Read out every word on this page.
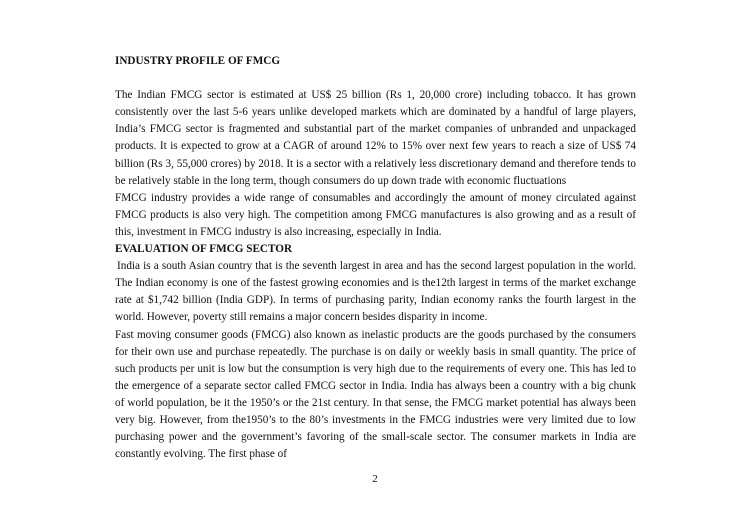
INDUSTRY PROFILE OF FMCG

The Indian FMCG sector is estimated at US$ 25 billion (Rs 1, 20,000 crore) including tobacco. It has grown consistently over the last 5-6 years unlike developed markets which are dominated by a handful of large players, India’s FMCG sector is fragmented and substantial part of the market companies of unbranded and unpackaged products. It is expected to grow at a CAGR of around 12% to 15% over next few years to reach a size of US$ 74 billion (Rs 3, 55,000 crores) by 2018. It is a sector with a relatively less discretionary demand and therefore tends to be relatively stable in the long term, though consumers do up down trade with economic fluctuations

FMCG industry provides a wide range of consumables and accordingly the amount of money circulated against FMCG products is also very high. The competition among FMCG manufactures is also growing and as a result of this, investment in FMCG industry is also increasing, especially in India.

EVALUATION OF FMCG SECTOR

India is a south Asian country that is the seventh largest in area and has the second largest population in the world. The Indian economy is one of the fastest growing economies and is the12th largest in terms of the market exchange rate at $1,742 billion (India GDP). In terms of purchasing parity, Indian economy ranks the fourth largest in the world. However, poverty still remains a major concern besides disparity in income.

Fast moving consumer goods (FMCG) also known as inelastic products are the goods purchased by the consumers for their own use and purchase repeatedly. The purchase is on daily or weekly basis in small quantity. The price of such products per unit is low but the consumption is very high due to the requirements of every one. This has led to the emergence of a separate sector called FMCG sector in India. India has always been a country with a big chunk of world population, be it the 1950’s or the 21st century. In that sense, the FMCG market potential has always been very big. However, from the1950’s to the 80’s investments in the FMCG industries were very limited due to low purchasing power and the government’s favoring of the small-scale sector. The consumer markets in India are constantly evolving. The first phase of

2
